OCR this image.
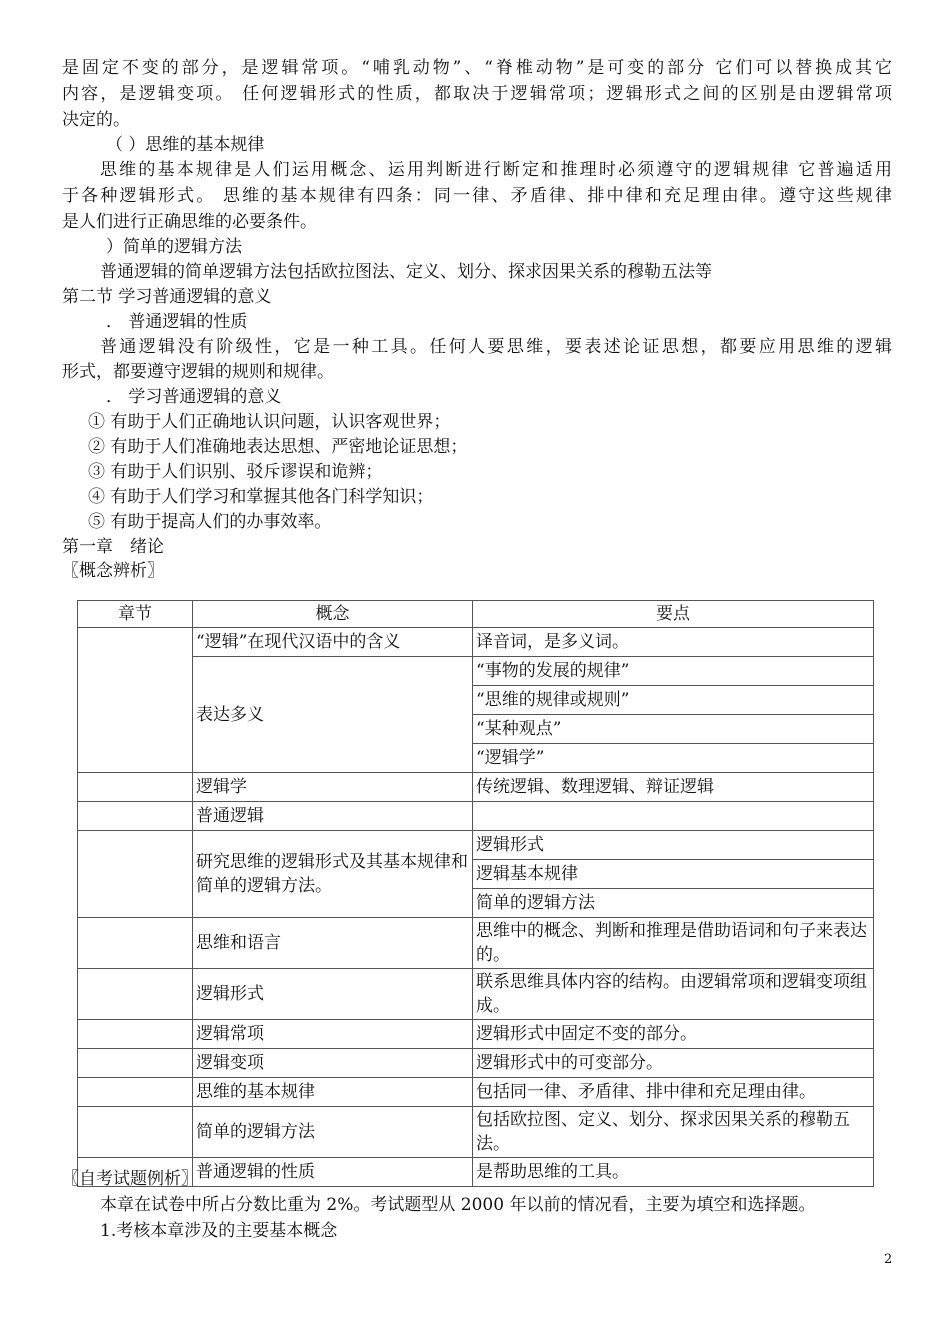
是固定不变的部分，是逻辑常项。“哺乳动物”、“脊椎动物”是可变的部分 它们可以替换成其它
内容，是逻辑变项。 任何逻辑形式的性质，都取决于逻辑常项；逻辑形式之间的区别是由逻辑常项
决定的。
（ ）思维的基本规律
思维的基本规律是人们运用概念、运用判断进行断定和推理时必须遵守的逻辑规律 它普遍适用
于各种逻辑形式。 思维的基本规律有四条：同一律、矛盾律、排中律和充足理由律。遵守这些规律
是人们进行正确思维的必要条件。
）简单的逻辑方法
普通逻辑的简单逻辑方法包括欧拉图法、定义、划分、探求因果关系的穆勒五法等
第二节 学习普通逻辑的意义
． 普通逻辑的性质
普通逻辑没有阶级性，它是一种工具。任何人要思维，要表述论证思想，都要应用思维的逻辑
形式，都要遵守逻辑的规则和规律。
． 学习普通逻辑的意义
① 有助于人们正确地认识问题，认识客观世界；
② 有助于人们准确地表达思想、严密地论证思想；
③ 有助于人们识别、驳斥谬误和诡辨；
④ 有助于人们学习和掌握其他各门科学知识；
⑤ 有助于提高人们的办事效率。
第一章　绪论
〖概念辨析〗
章节	概念	要点
	“逻辑”在现代汉语中的含义	译音词，是多义词。
	表达多义	“事物的发展的规律”
		“思维的规律或规则”
		“某种观点”
		“逻辑学”
	逻辑学	传统逻辑、数理逻辑、辩证逻辑
	普通逻辑	
	研究思维的逻辑形式及其基本规律和简单的逻辑方法。	逻辑形式
		逻辑基本规律
		简单的逻辑方法
	思维和语言	思维中的概念、判断和推理是借助语词和句子来表达的。
	逻辑形式	联系思维具体内容的结构。由逻辑常项和逻辑变项组成。
	逻辑常项	逻辑形式中固定不变的部分。
	逻辑变项	逻辑形式中的可变部分。
	思维的基本规律	包括同一律、矛盾律、排中律和充足理由律。
	简单的逻辑方法	包括欧拉图、定义、划分、探求因果关系的穆勒五法。
	普通逻辑的性质	是帮助思维的工具。
〖自考试题例析〗
本章在试卷中所占分数比重为 2%。考试题型从 2000 年以前的情况看，主要为填空和选择题。
1.考核本章涉及的主要基本概念
2
